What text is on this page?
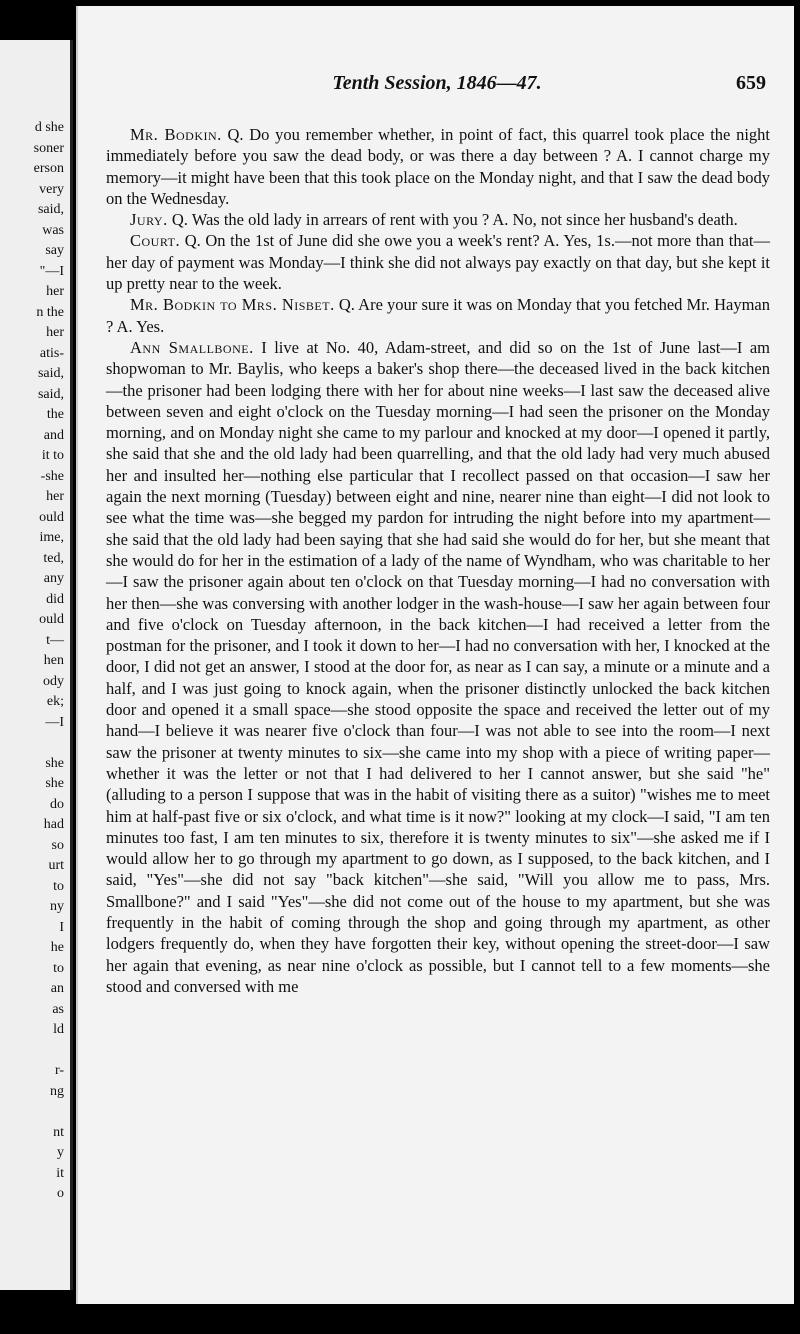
d she
soner
erson
very
said,
was
say
"—I
her
n the
her
atis-
said,
said,
the
and
it to
-she
her
ould
ime,
ted,
any
did
ould
t—
hen
ody
ek;
—I
she
she
do
had
so
urt
to
ny
I
he
to
an
as
ld
r-
ng
nt
y
it
o
Tenth Session, 1846—47.	659

Mr. Bodkin. Q. Do you remember whether, in point of fact, this quarrel took place the night immediately before you saw the dead body, or was there a day between ? A. I cannot charge my memory—it might have been that this took place on the Monday night, and that I saw the dead body on the Wednesday.

Jury. Q. Was the old lady in arrears of rent with you ? A. No, not since her husband's death.

Court. Q. On the 1st of June did she owe you a week's rent? A. Yes, 1s.—not more than that—her day of payment was Monday—I think she did not always pay exactly on that day, but she kept it up pretty near to the week.

Mr. Bodkin to Mrs. Nisbet. Q. Are your sure it was on Monday that you fetched Mr. Hayman ? A. Yes.

Ann Smallbone. I live at No. 40, Adam-street, and did so on the 1st of June last—I am shopwoman to Mr. Baylis, who keeps a baker's shop there—the deceased lived in the back kitchen—the prisoner had been lodging there with her for about nine weeks—I last saw the deceased alive between seven and eight o'clock on the Tuesday morning—I had seen the prisoner on the Monday morning, and on Monday night she came to my parlour and knocked at my door—I opened it partly, she said that she and the old lady had been quarrelling, and that the old lady had very much abused her and insulted her—nothing else particular that I recollect passed on that occasion—I saw her again the next morning (Tuesday) between eight and nine, nearer nine than eight—I did not look to see what the time was—she begged my pardon for intruding the night before into my apartment—she said that the old lady had been saying that she had said she would do for her, but she meant that she would do for her in the estimation of a lady of the name of Wyndham, who was charitable to her—I saw the prisoner again about ten o'clock on that Tuesday morning—I had no conversation with her then—she was conversing with another lodger in the wash-house—I saw her again between four and five o'clock on Tuesday afternoon, in the back kitchen—I had received a letter from the postman for the prisoner, and I took it down to her—I had no conversation with her, I knocked at the door, I did not get an answer, I stood at the door for, as near as I can say, a minute or a minute and a half, and I was just going to knock again, when the prisoner distinctly unlocked the back kitchen door and opened it a small space—she stood opposite the space and received the letter out of my hand—I believe it was nearer five o'clock than four—I was not able to see into the room—I next saw the prisoner at twenty minutes to six—she came into my shop with a piece of writing paper—whether it was the letter or not that I had delivered to her I cannot answer, but she said "he" (alluding to a person I suppose that was in the habit of visiting there as a suitor) "wishes me to meet him at half-past five or six o'clock, and what time is it now?" looking at my clock—I said, "I am ten minutes too fast, I am ten minutes to six, therefore it is twenty minutes to six"—she asked me if I would allow her to go through my apartment to go down, as I supposed, to the back kitchen, and I said, "Yes"—she did not say "back kitchen"—she said, "Will you allow me to pass, Mrs. Smallbone?" and I said "Yes"—she did not come out of the house to my apartment, but she was frequently in the habit of coming through the shop and going through my apartment, as other lodgers frequently do, when they have forgotten their key, without opening the street-door—I saw her again that evening, as near nine o'clock as possible, but I cannot tell to a few moments—she stood and conversed with me
